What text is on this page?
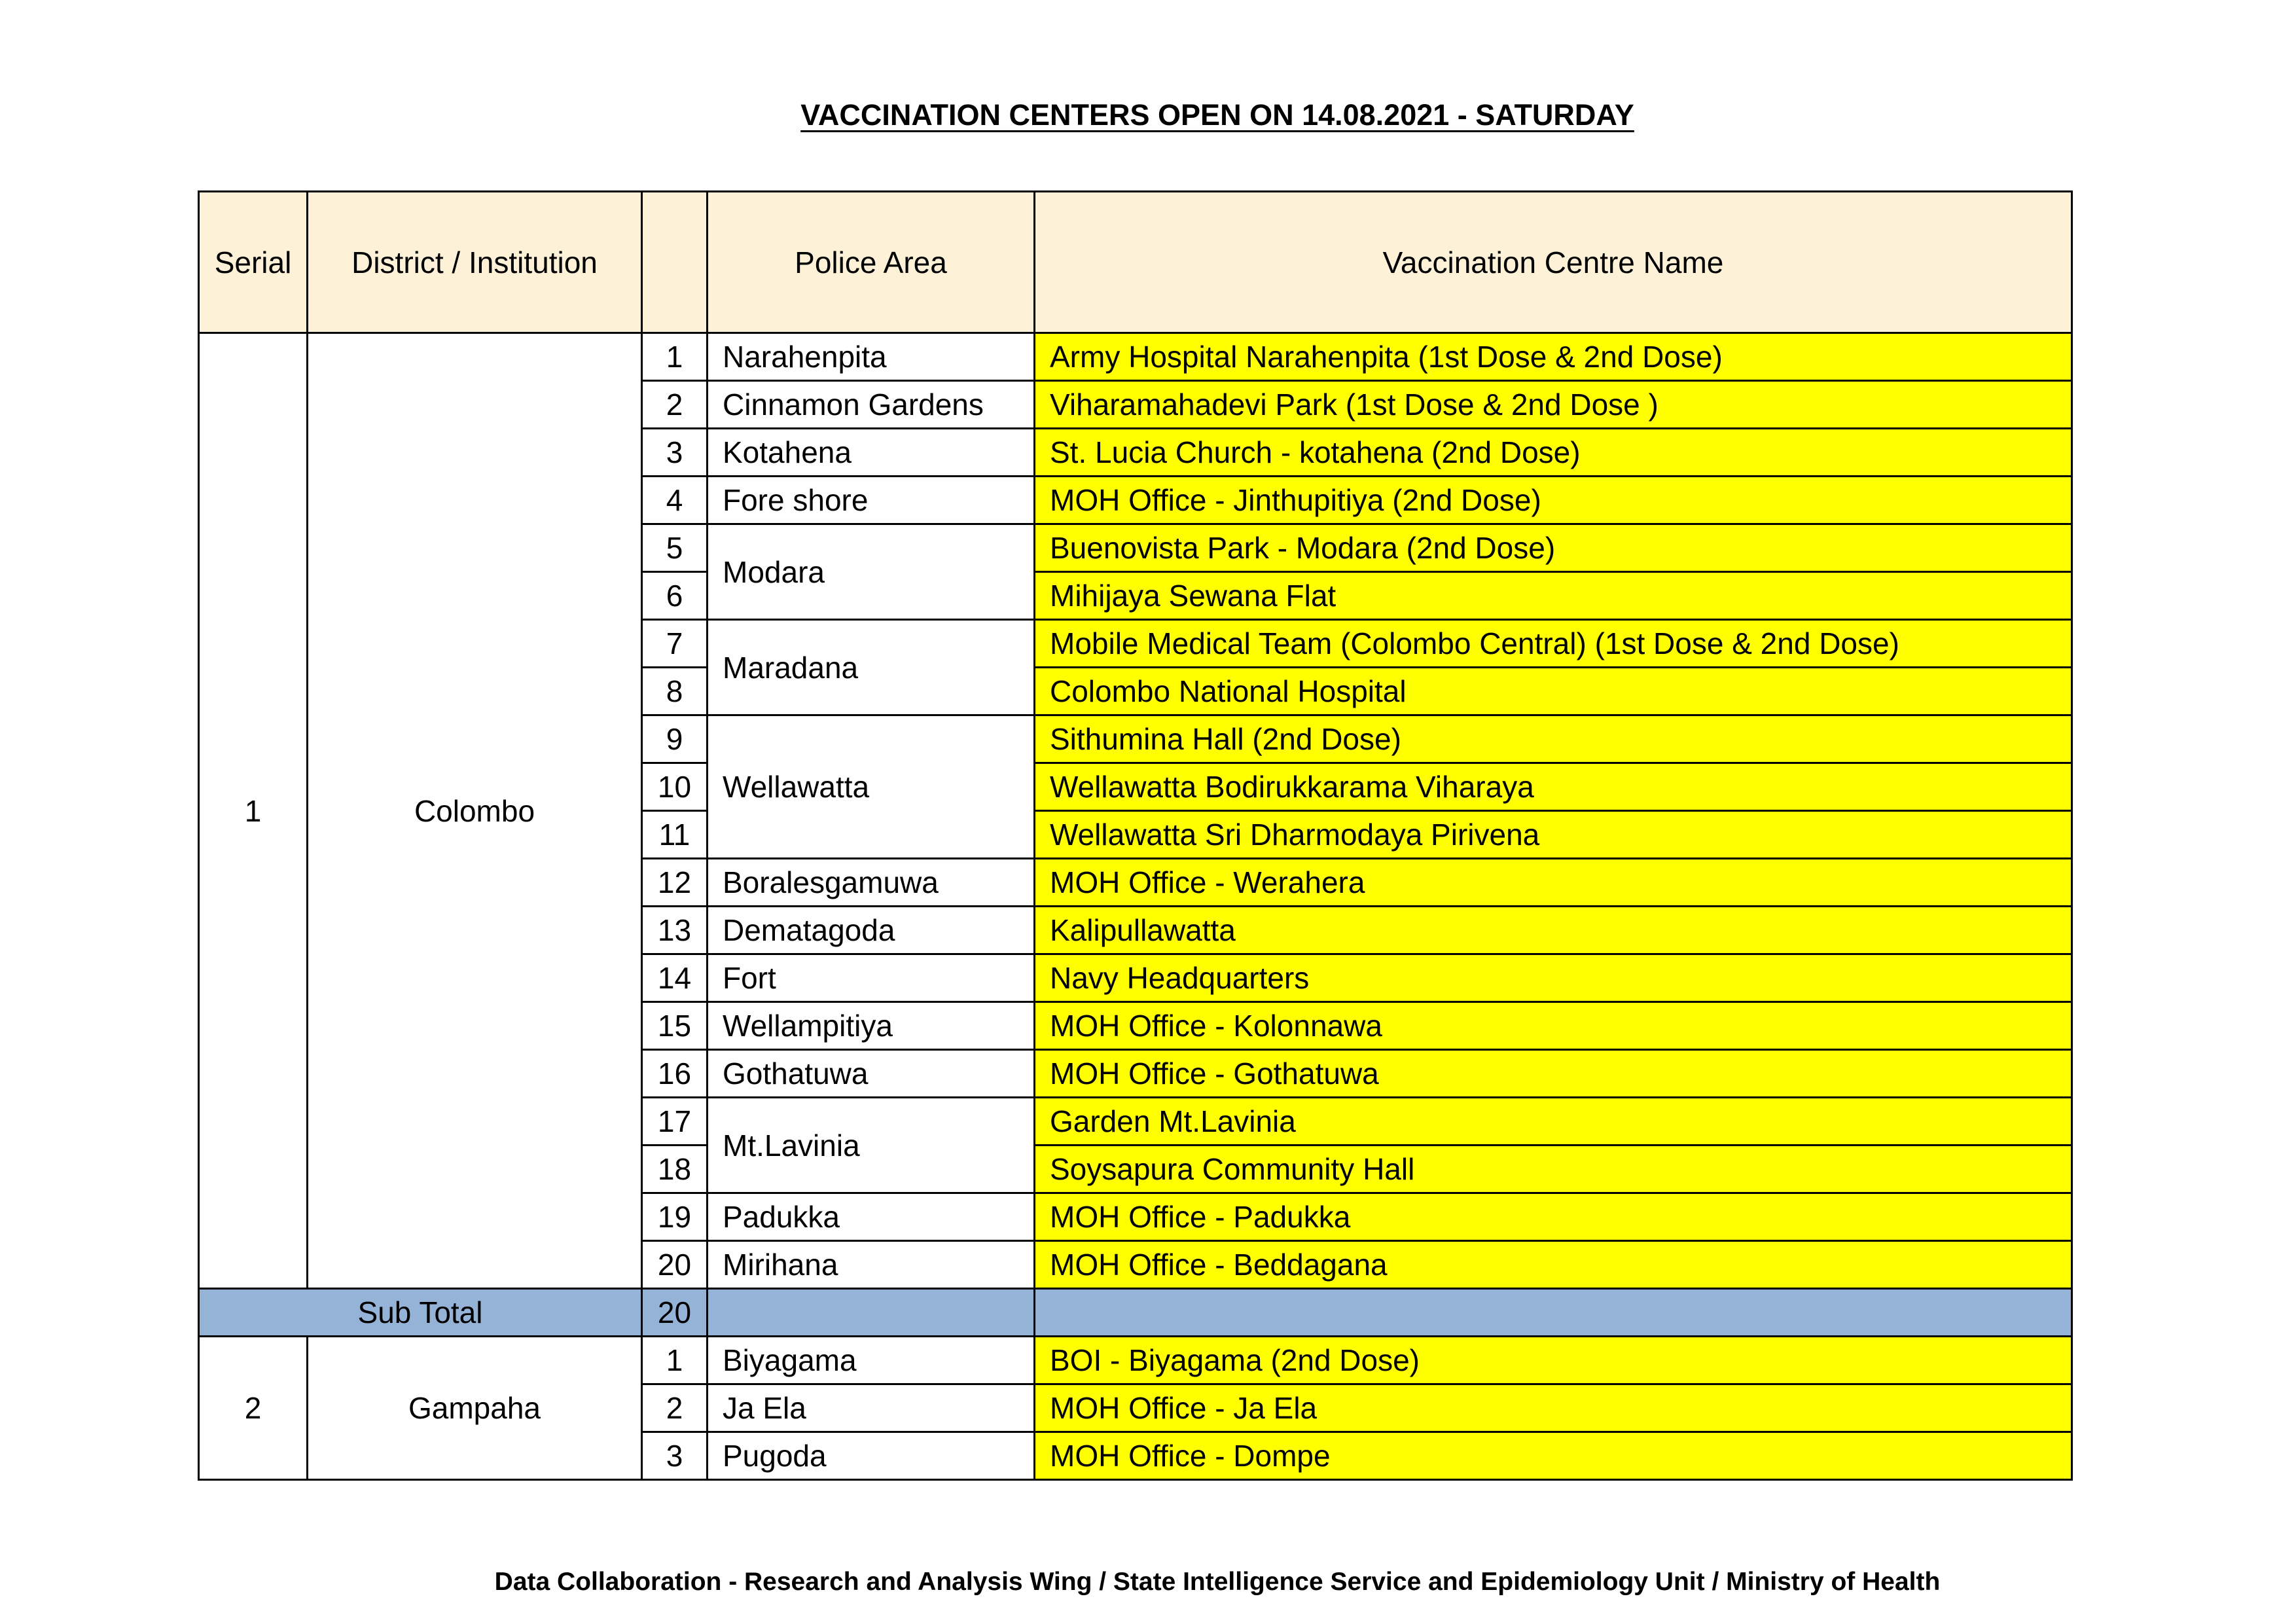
VACCINATION CENTERS OPEN ON 14.08.2021 - SATURDAY
Serial	District / Institution		Police Area	Vaccination Centre Name
1	Colombo	1	Narahenpita	Army Hospital Narahenpita (1st Dose & 2nd Dose)
		2	Cinnamon Gardens	Viharamahadevi Park (1st Dose & 2nd Dose )
		3	Kotahena	St. Lucia Church - kotahena (2nd Dose)
		4	Fore shore	MOH Office - Jinthupitiya (2nd Dose)
		5	Modara	Buenovista Park - Modara (2nd Dose)
		6		Mihijaya Sewana Flat
		7	Maradana	Mobile Medical Team (Colombo Central) (1st Dose & 2nd Dose)
		8		Colombo National Hospital
		9	Wellawatta	Sithumina Hall (2nd Dose)
		10		Wellawatta Bodirukkarama Viharaya
		11		Wellawatta Sri Dharmodaya Pirivena
		12	Boralesgamuwa	MOH Office - Werahera
		13	Dematagoda	Kalipullawatta
		14	Fort	Navy Headquarters
		15	Wellampitiya	MOH Office - Kolonnawa
		16	Gothatuwa	MOH Office - Gothatuwa
		17	Mt.Lavinia	Garden Mt.Lavinia
		18		Soysapura Community Hall
		19	Padukka	MOH Office - Padukka
		20	Mirihana	MOH Office - Beddagana
Sub Total		20		
2	Gampaha	1	Biyagama	BOI - Biyagama (2nd Dose)
		2	Ja Ela	MOH Office - Ja Ela
		3	Pugoda	MOH Office - Dompe
Data Collaboration - Research and Analysis Wing / State Intelligence Service and Epidemiology Unit / Ministry of Health
